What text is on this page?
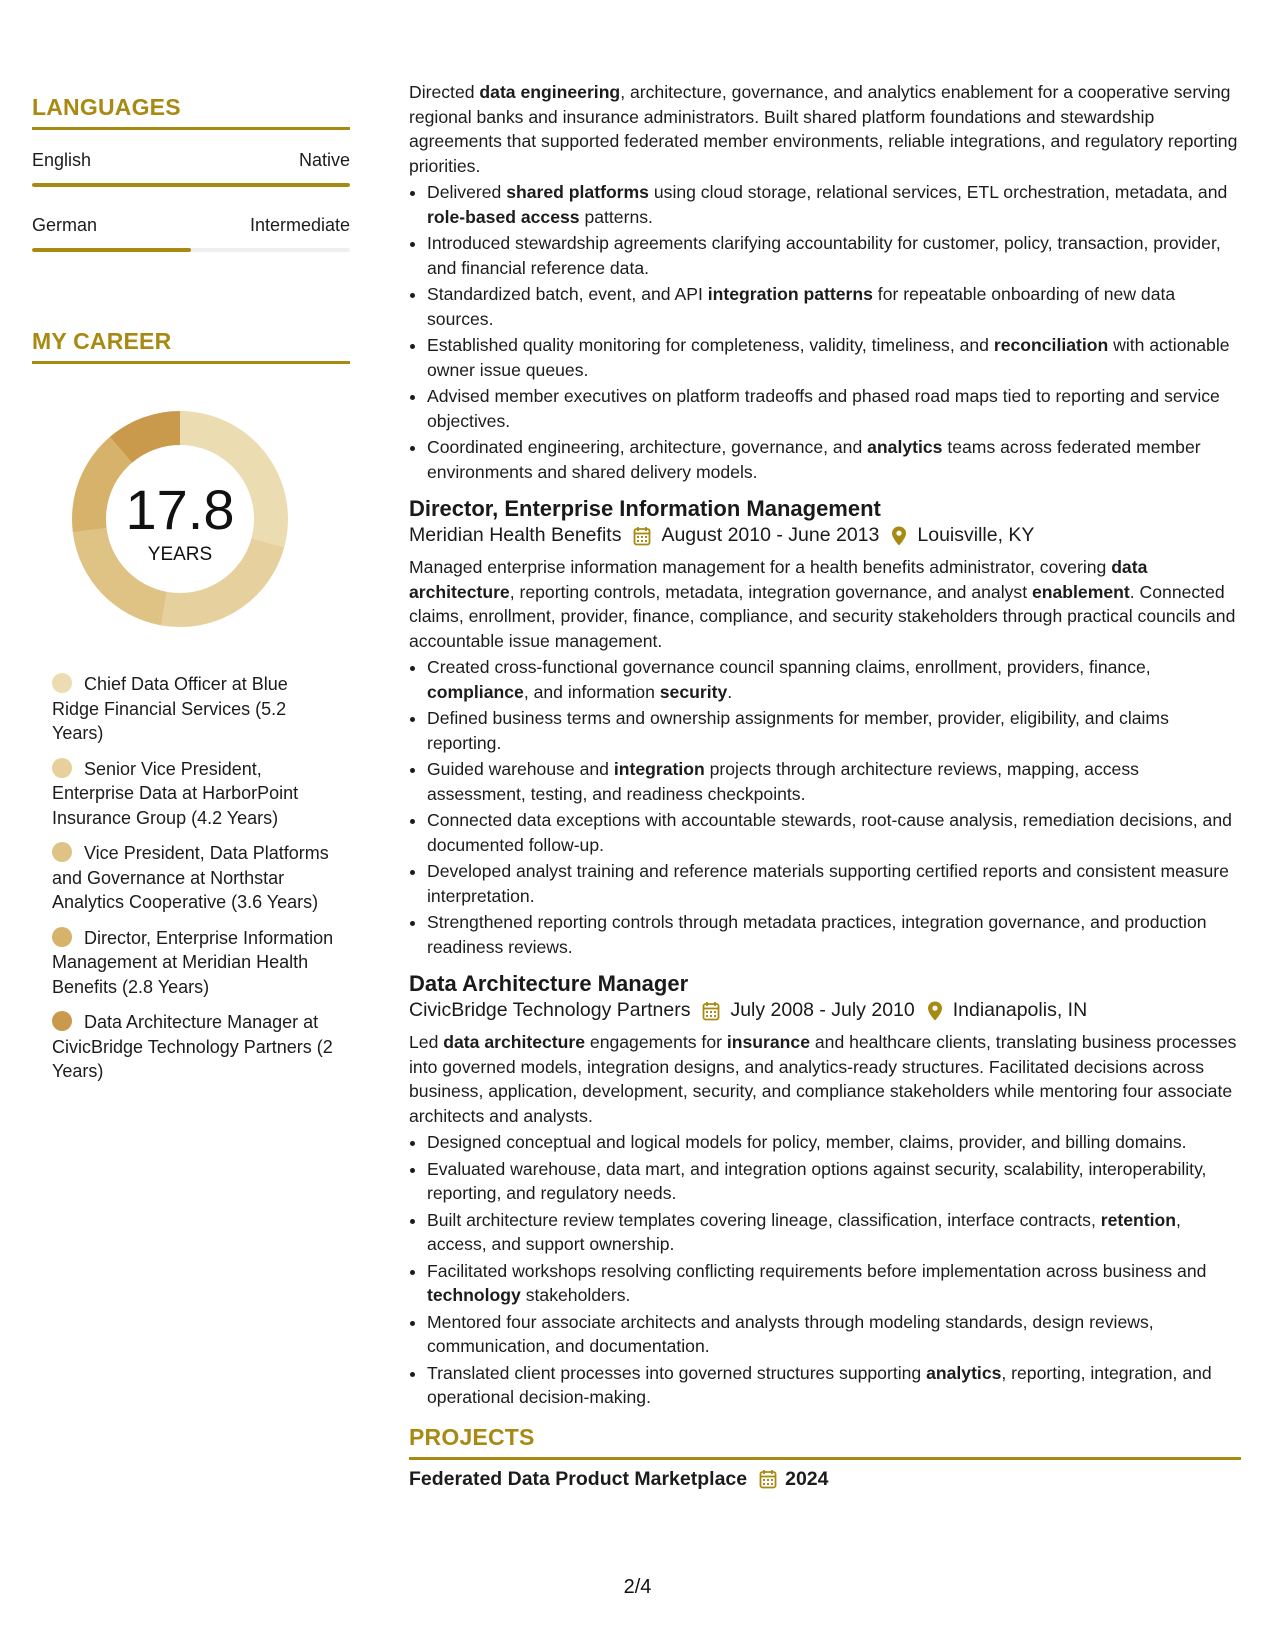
LANGUAGES
English	Native
German	Intermediate
MY CAREER
17.8
YEARS
Chief Data Officer at Blue Ridge Financial Services (5.2 Years)
Senior Vice President, Enterprise Data at HarborPoint Insurance Group (4.2 Years)
Vice President, Data Platforms and Governance at Northstar Analytics Cooperative (3.6 Years)
Director, Enterprise Information Management at Meridian Health Benefits (2.8 Years)
Data Architecture Manager at CivicBridge Technology Partners (2 Years)

Directed data engineering, architecture, governance, and analytics enablement for a cooperative serving regional banks and insurance administrators. Built shared platform foundations and stewardship agreements that supported federated member environments, reliable integrations, and regulatory reporting priorities.

• Delivered shared platforms using cloud storage, relational services, ETL orchestration, metadata, and role-based access patterns.
• Introduced stewardship agreements clarifying accountability for customer, policy, transaction, provider, and financial reference data.
• Standardized batch, event, and API integration patterns for repeatable onboarding of new data sources.
• Established quality monitoring for completeness, validity, timeliness, and reconciliation with actionable owner issue queues.
• Advised member executives on platform tradeoffs and phased road maps tied to reporting and service objectives.
• Coordinated engineering, architecture, governance, and analytics teams across federated member environments and shared delivery models.
Director, Enterprise Information Management
Meridian Health Benefits August 2010 - June 2013 Louisville, KY

Managed enterprise information management for a health benefits administrator, covering data architecture, reporting controls, metadata, integration governance, and analyst enablement. Connected claims, enrollment, provider, finance, compliance, and security stakeholders through practical councils and accountable issue management.

• Created cross-functional governance council spanning claims, enrollment, providers, finance, compliance, and information security.
• Defined business terms and ownership assignments for member, provider, eligibility, and claims reporting.
• Guided warehouse and integration projects through architecture reviews, mapping, access assessment, testing, and readiness checkpoints.
• Connected data exceptions with accountable stewards, root-cause analysis, remediation decisions, and documented follow-up.
• Developed analyst training and reference materials supporting certified reports and consistent measure interpretation.
• Strengthened reporting controls through metadata practices, integration governance, and production readiness reviews.
Data Architecture Manager
CivicBridge Technology Partners July 2008 - July 2010 Indianapolis, IN

Led data architecture engagements for insurance and healthcare clients, translating business processes into governed models, integration designs, and analytics-ready structures. Facilitated decisions across business, application, development, security, and compliance stakeholders while mentoring four associate architects and analysts.

• Designed conceptual and logical models for policy, member, claims, provider, and billing domains.
• Evaluated warehouse, data mart, and integration options against security, scalability, interoperability, reporting, and regulatory needs.
• Built architecture review templates covering lineage, classification, interface contracts, retention, access, and support ownership.
• Facilitated workshops resolving conflicting requirements before implementation across business and technology stakeholders.
• Mentored four associate architects and analysts through modeling standards, design reviews, communication, and documentation.
• Translated client processes into governed structures supporting analytics, reporting, integration, and operational decision-making.
PROJECTS
Federated Data Product Marketplace 2024
2/4
